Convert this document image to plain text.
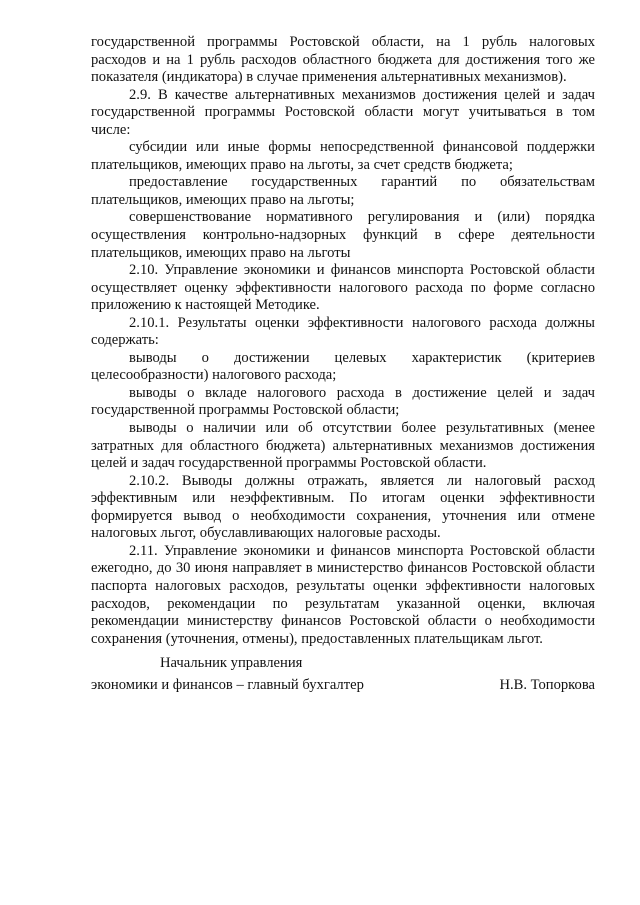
государственной программы Ростовской области, на 1 рубль налоговых расходов и на 1 рубль расходов областного бюджета для достижения того же показателя (индикатора) в случае применения альтернативных механизмов).

2.9. В качестве альтернативных механизмов достижения целей и задач государственной программы Ростовской области могут учитываться в том числе:

субсидии или иные формы непосредственной финансовой поддержки плательщиков, имеющих право на льготы, за счет средств бюджета;

предоставление государственных гарантий по обязательствам плательщиков, имеющих право на льготы;

совершенствование нормативного регулирования и (или) порядка осуществления контрольно-надзорных функций в сфере деятельности плательщиков, имеющих право на льготы

2.10. Управление экономики и финансов минспорта Ростовской области осуществляет оценку эффективности налогового расхода по форме согласно приложению к настоящей Методике.

2.10.1. Результаты оценки эффективности налогового расхода должны содержать:

выводы о достижении целевых характеристик (критериев целесообразности) налогового расхода;

выводы о вкладе налогового расхода в достижение целей и задач государственной программы Ростовской области;

выводы о наличии или об отсутствии более результативных (менее затратных для областного бюджета) альтернативных механизмов достижения целей и задач государственной программы Ростовской области.

2.10.2. Выводы должны отражать, является ли налоговый расход эффективным или неэффективным. По итогам оценки эффективности формируется вывод о необходимости сохранения, уточнения или отмене налоговых льгот, обуславливающих налоговые расходы.

2.11. Управление экономики и финансов минспорта Ростовской области ежегодно, до 30 июня направляет в министерство финансов Ростовской области паспорта налоговых расходов, результаты оценки эффективности налоговых расходов, рекомендации по результатам указанной оценки, включая рекомендации министерству финансов Ростовской области о необходимости сохранения (уточнения, отмены), предоставленных плательщикам льгот.

Начальник управления
экономики и финансов – главный бухгалтер	Н.В. Топоркова
